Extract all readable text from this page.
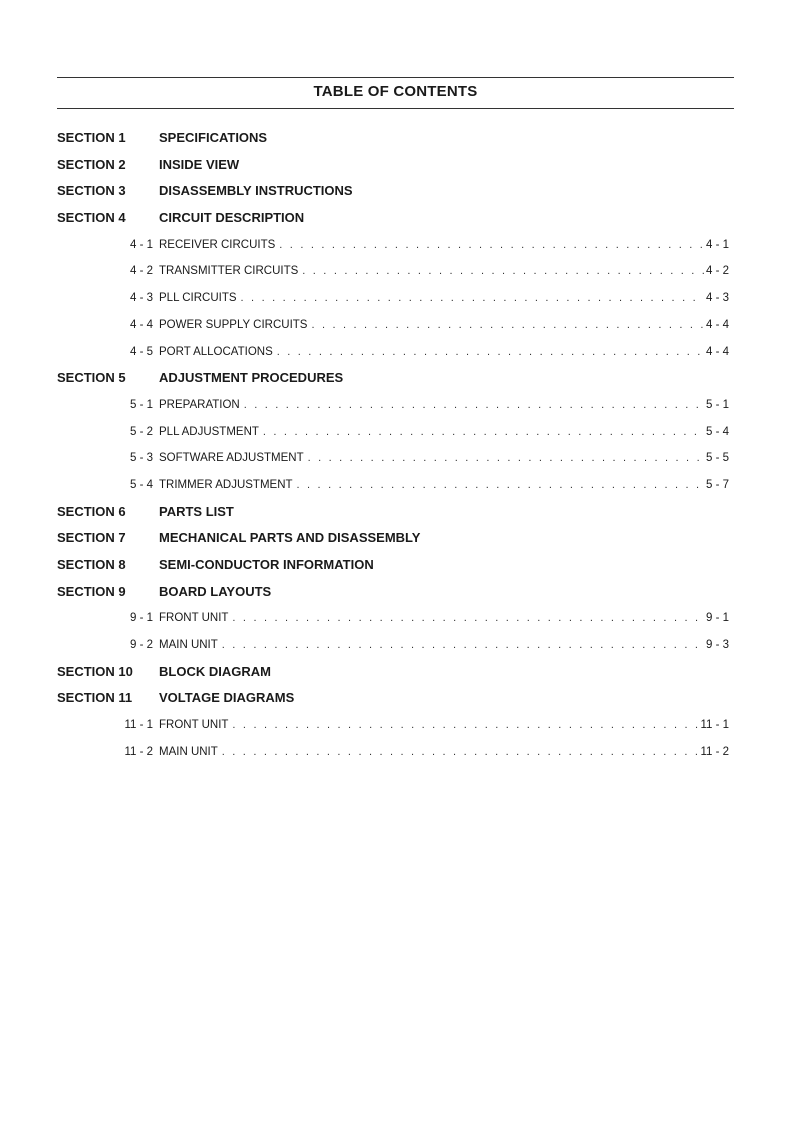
TABLE OF CONTENTS
SECTION 1	SPECIFICATIONS
SECTION 2	INSIDE VIEW
SECTION 3	DISASSEMBLY INSTRUCTIONS
SECTION 4	CIRCUIT DESCRIPTION
4 - 1 RECEIVER CIRCUITS . . .	4 - 1
4 - 2 TRANSMITTER CIRCUITS . . .	4 - 2
4 - 3 PLL CIRCUITS . . .	4 - 3
4 - 4 POWER SUPPLY CIRCUITS . . .	4 - 4
4 - 5 PORT ALLOCATIONS . . .	4 - 4
SECTION 5	ADJUSTMENT PROCEDURES
5 - 1 PREPARATION . . .	5 - 1
5 - 2 PLL ADJUSTMENT . . .	5 - 4
5 - 3 SOFTWARE ADJUSTMENT . . .	5 - 5
5 - 4 TRIMMER ADJUSTMENT . . .	5 - 7
SECTION 6	PARTS LIST
SECTION 7	MECHANICAL PARTS AND DISASSEMBLY
SECTION 8	SEMI-CONDUCTOR INFORMATION
SECTION 9	BOARD LAYOUTS
9 - 1 FRONT UNIT . . .	9 - 1
9 - 2 MAIN UNIT . . .	9 - 3
SECTION 10 BLOCK DIAGRAM
SECTION 11 VOLTAGE DIAGRAMS
11 - 1 FRONT UNIT . . .	11 - 1
11 - 2 MAIN UNIT . . .	11 - 2
